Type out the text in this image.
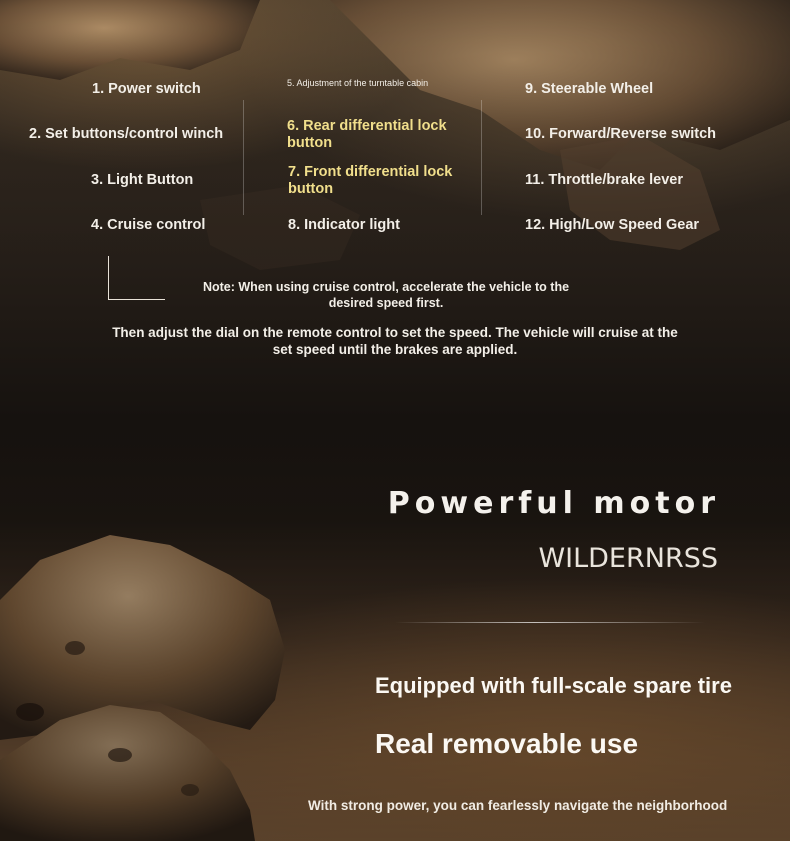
1. Power switch
2. Set buttons/control winch
3. Light Button
4. Cruise control
5. Adjustment of the turntable cabin
6. Rear differential lock button
7. Front differential lock button
8. Indicator light
9. Steerable Wheel
10. Forward/Reverse switch
11. Throttle/brake lever
12. High/Low Speed Gear
Note: When using cruise control, accelerate the vehicle to the desired speed first.
Then adjust the dial on the remote control to set the speed. The vehicle will cruise at the set speed until the brakes are applied.
Powerful motor
WILDERNRSS
Equipped with full-scale spare tire
Real removable use
With strong power, you can fearlessly navigate the neighborhood
